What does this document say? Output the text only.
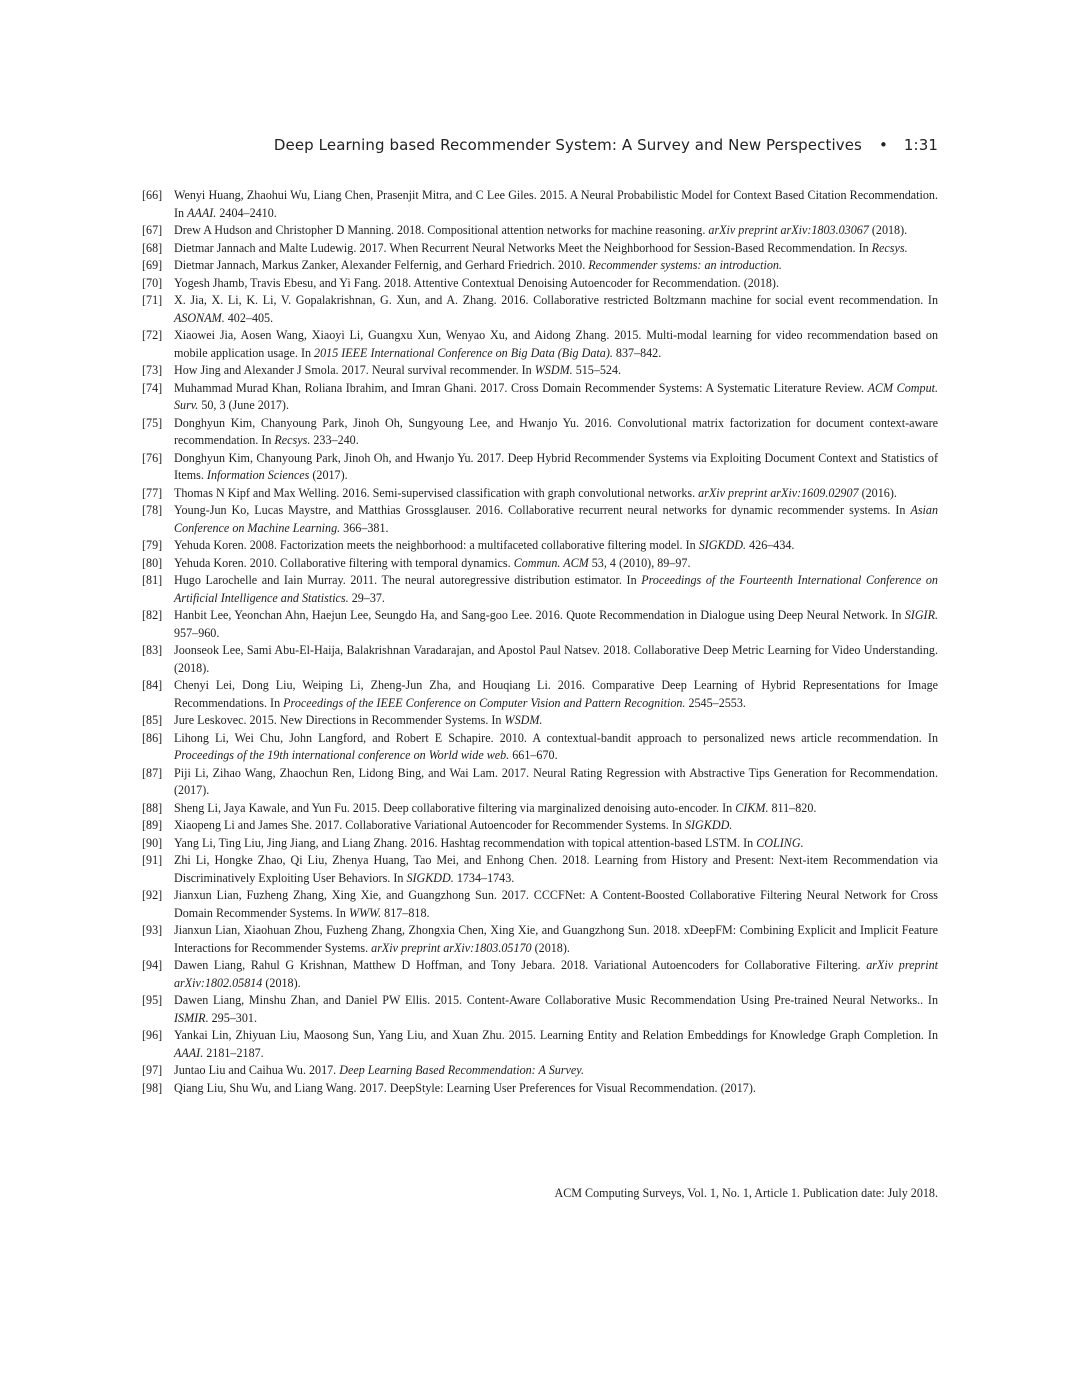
Deep Learning based Recommender System: A Survey and New Perspectives • 1:31
[66] Wenyi Huang, Zhaohui Wu, Liang Chen, Prasenjit Mitra, and C Lee Giles. 2015. A Neural Probabilistic Model for Context Based Citation Recommendation. In AAAI. 2404–2410.
[67] Drew A Hudson and Christopher D Manning. 2018. Compositional attention networks for machine reasoning. arXiv preprint arXiv:1803.03067 (2018).
[68] Dietmar Jannach and Malte Ludewig. 2017. When Recurrent Neural Networks Meet the Neighborhood for Session-Based Recommendation. In Recsys.
[69] Dietmar Jannach, Markus Zanker, Alexander Felfernig, and Gerhard Friedrich. 2010. Recommender systems: an introduction.
[70] Yogesh Jhamb, Travis Ebesu, and Yi Fang. 2018. Attentive Contextual Denoising Autoencoder for Recommendation. (2018).
[71] X. Jia, X. Li, K. Li, V. Gopalakrishnan, G. Xun, and A. Zhang. 2016. Collaborative restricted Boltzmann machine for social event recommendation. In ASONAM. 402–405.
[72] Xiaowei Jia, Aosen Wang, Xiaoyi Li, Guangxu Xun, Wenyao Xu, and Aidong Zhang. 2015. Multi-modal learning for video recommendation based on mobile application usage. In 2015 IEEE International Conference on Big Data (Big Data). 837–842.
[73] How Jing and Alexander J Smola. 2017. Neural survival recommender. In WSDM. 515–524.
[74] Muhammad Murad Khan, Roliana Ibrahim, and Imran Ghani. 2017. Cross Domain Recommender Systems: A Systematic Literature Review. ACM Comput. Surv. 50, 3 (June 2017).
[75] Donghyun Kim, Chanyoung Park, Jinoh Oh, Sungyoung Lee, and Hwanjo Yu. 2016. Convolutional matrix factorization for document context-aware recommendation. In Recsys. 233–240.
[76] Donghyun Kim, Chanyoung Park, Jinoh Oh, and Hwanjo Yu. 2017. Deep Hybrid Recommender Systems via Exploiting Document Context and Statistics of Items. Information Sciences (2017).
[77] Thomas N Kipf and Max Welling. 2016. Semi-supervised classification with graph convolutional networks. arXiv preprint arXiv:1609.02907 (2016).
[78] Young-Jun Ko, Lucas Maystre, and Matthias Grossglauser. 2016. Collaborative recurrent neural networks for dynamic recommender systems. In Asian Conference on Machine Learning. 366–381.
[79] Yehuda Koren. 2008. Factorization meets the neighborhood: a multifaceted collaborative filtering model. In SIGKDD. 426–434.
[80] Yehuda Koren. 2010. Collaborative filtering with temporal dynamics. Commun. ACM 53, 4 (2010), 89–97.
[81] Hugo Larochelle and Iain Murray. 2011. The neural autoregressive distribution estimator. In Proceedings of the Fourteenth International Conference on Artificial Intelligence and Statistics. 29–37.
[82] Hanbit Lee, Yeonchan Ahn, Haejun Lee, Seungdo Ha, and Sang-goo Lee. 2016. Quote Recommendation in Dialogue using Deep Neural Network. In SIGIR. 957–960.
[83] Joonseok Lee, Sami Abu-El-Haija, Balakrishnan Varadarajan, and Apostol Paul Natsev. 2018. Collaborative Deep Metric Learning for Video Understanding. (2018).
[84] Chenyi Lei, Dong Liu, Weiping Li, Zheng-Jun Zha, and Houqiang Li. 2016. Comparative Deep Learning of Hybrid Representations for Image Recommendations. In Proceedings of the IEEE Conference on Computer Vision and Pattern Recognition. 2545–2553.
[85] Jure Leskovec. 2015. New Directions in Recommender Systems. In WSDM.
[86] Lihong Li, Wei Chu, John Langford, and Robert E Schapire. 2010. A contextual-bandit approach to personalized news article recommendation. In Proceedings of the 19th international conference on World wide web. 661–670.
[87] Piji Li, Zihao Wang, Zhaochun Ren, Lidong Bing, and Wai Lam. 2017. Neural Rating Regression with Abstractive Tips Generation for Recommendation. (2017).
[88] Sheng Li, Jaya Kawale, and Yun Fu. 2015. Deep collaborative filtering via marginalized denoising auto-encoder. In CIKM. 811–820.
[89] Xiaopeng Li and James She. 2017. Collaborative Variational Autoencoder for Recommender Systems. In SIGKDD.
[90] Yang Li, Ting Liu, Jing Jiang, and Liang Zhang. 2016. Hashtag recommendation with topical attention-based LSTM. In COLING.
[91] Zhi Li, Hongke Zhao, Qi Liu, Zhenya Huang, Tao Mei, and Enhong Chen. 2018. Learning from History and Present: Next-item Recommendation via Discriminatively Exploiting User Behaviors. In SIGKDD. 1734–1743.
[92] Jianxun Lian, Fuzheng Zhang, Xing Xie, and Guangzhong Sun. 2017. CCCFNet: A Content-Boosted Collaborative Filtering Neural Network for Cross Domain Recommender Systems. In WWW. 817–818.
[93] Jianxun Lian, Xiaohuan Zhou, Fuzheng Zhang, Zhongxia Chen, Xing Xie, and Guangzhong Sun. 2018. xDeepFM: Combining Explicit and Implicit Feature Interactions for Recommender Systems. arXiv preprint arXiv:1803.05170 (2018).
[94] Dawen Liang, Rahul G Krishnan, Matthew D Hoffman, and Tony Jebara. 2018. Variational Autoencoders for Collaborative Filtering. arXiv preprint arXiv:1802.05814 (2018).
[95] Dawen Liang, Minshu Zhan, and Daniel PW Ellis. 2015. Content-Aware Collaborative Music Recommendation Using Pre-trained Neural Networks.. In ISMIR. 295–301.
[96] Yankai Lin, Zhiyuan Liu, Maosong Sun, Yang Liu, and Xuan Zhu. 2015. Learning Entity and Relation Embeddings for Knowledge Graph Completion. In AAAI. 2181–2187.
[97] Juntao Liu and Caihua Wu. 2017. Deep Learning Based Recommendation: A Survey.
[98] Qiang Liu, Shu Wu, and Liang Wang. 2017. DeepStyle: Learning User Preferences for Visual Recommendation. (2017).
ACM Computing Surveys, Vol. 1, No. 1, Article 1. Publication date: July 2018.
